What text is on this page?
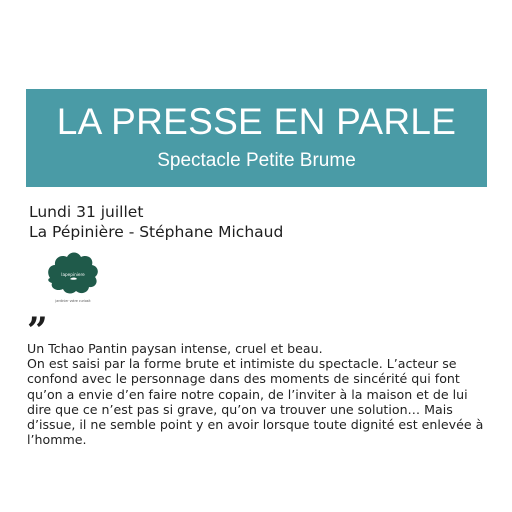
LA PRESSE EN PARLE
Spectacle Petite Brume
Lundi 31 juillet
La Pépinière - Stéphane Michaud
lapepiniere
jardinier votre curiosit
”

Un Tchao Pantin paysan intense, cruel et beau.

On est saisi par la forme brute et intimiste du spectacle. L’acteur se confond avec le personnage dans des moments de sincérité qui font qu’on a envie d’en faire notre copain, de l’inviter à la maison et de lui dire que ce n’est pas si grave, qu’on va trouver une solution… Mais d’issue, il ne semble point y en avoir lorsque toute dignité est enlevée à l’homme.
